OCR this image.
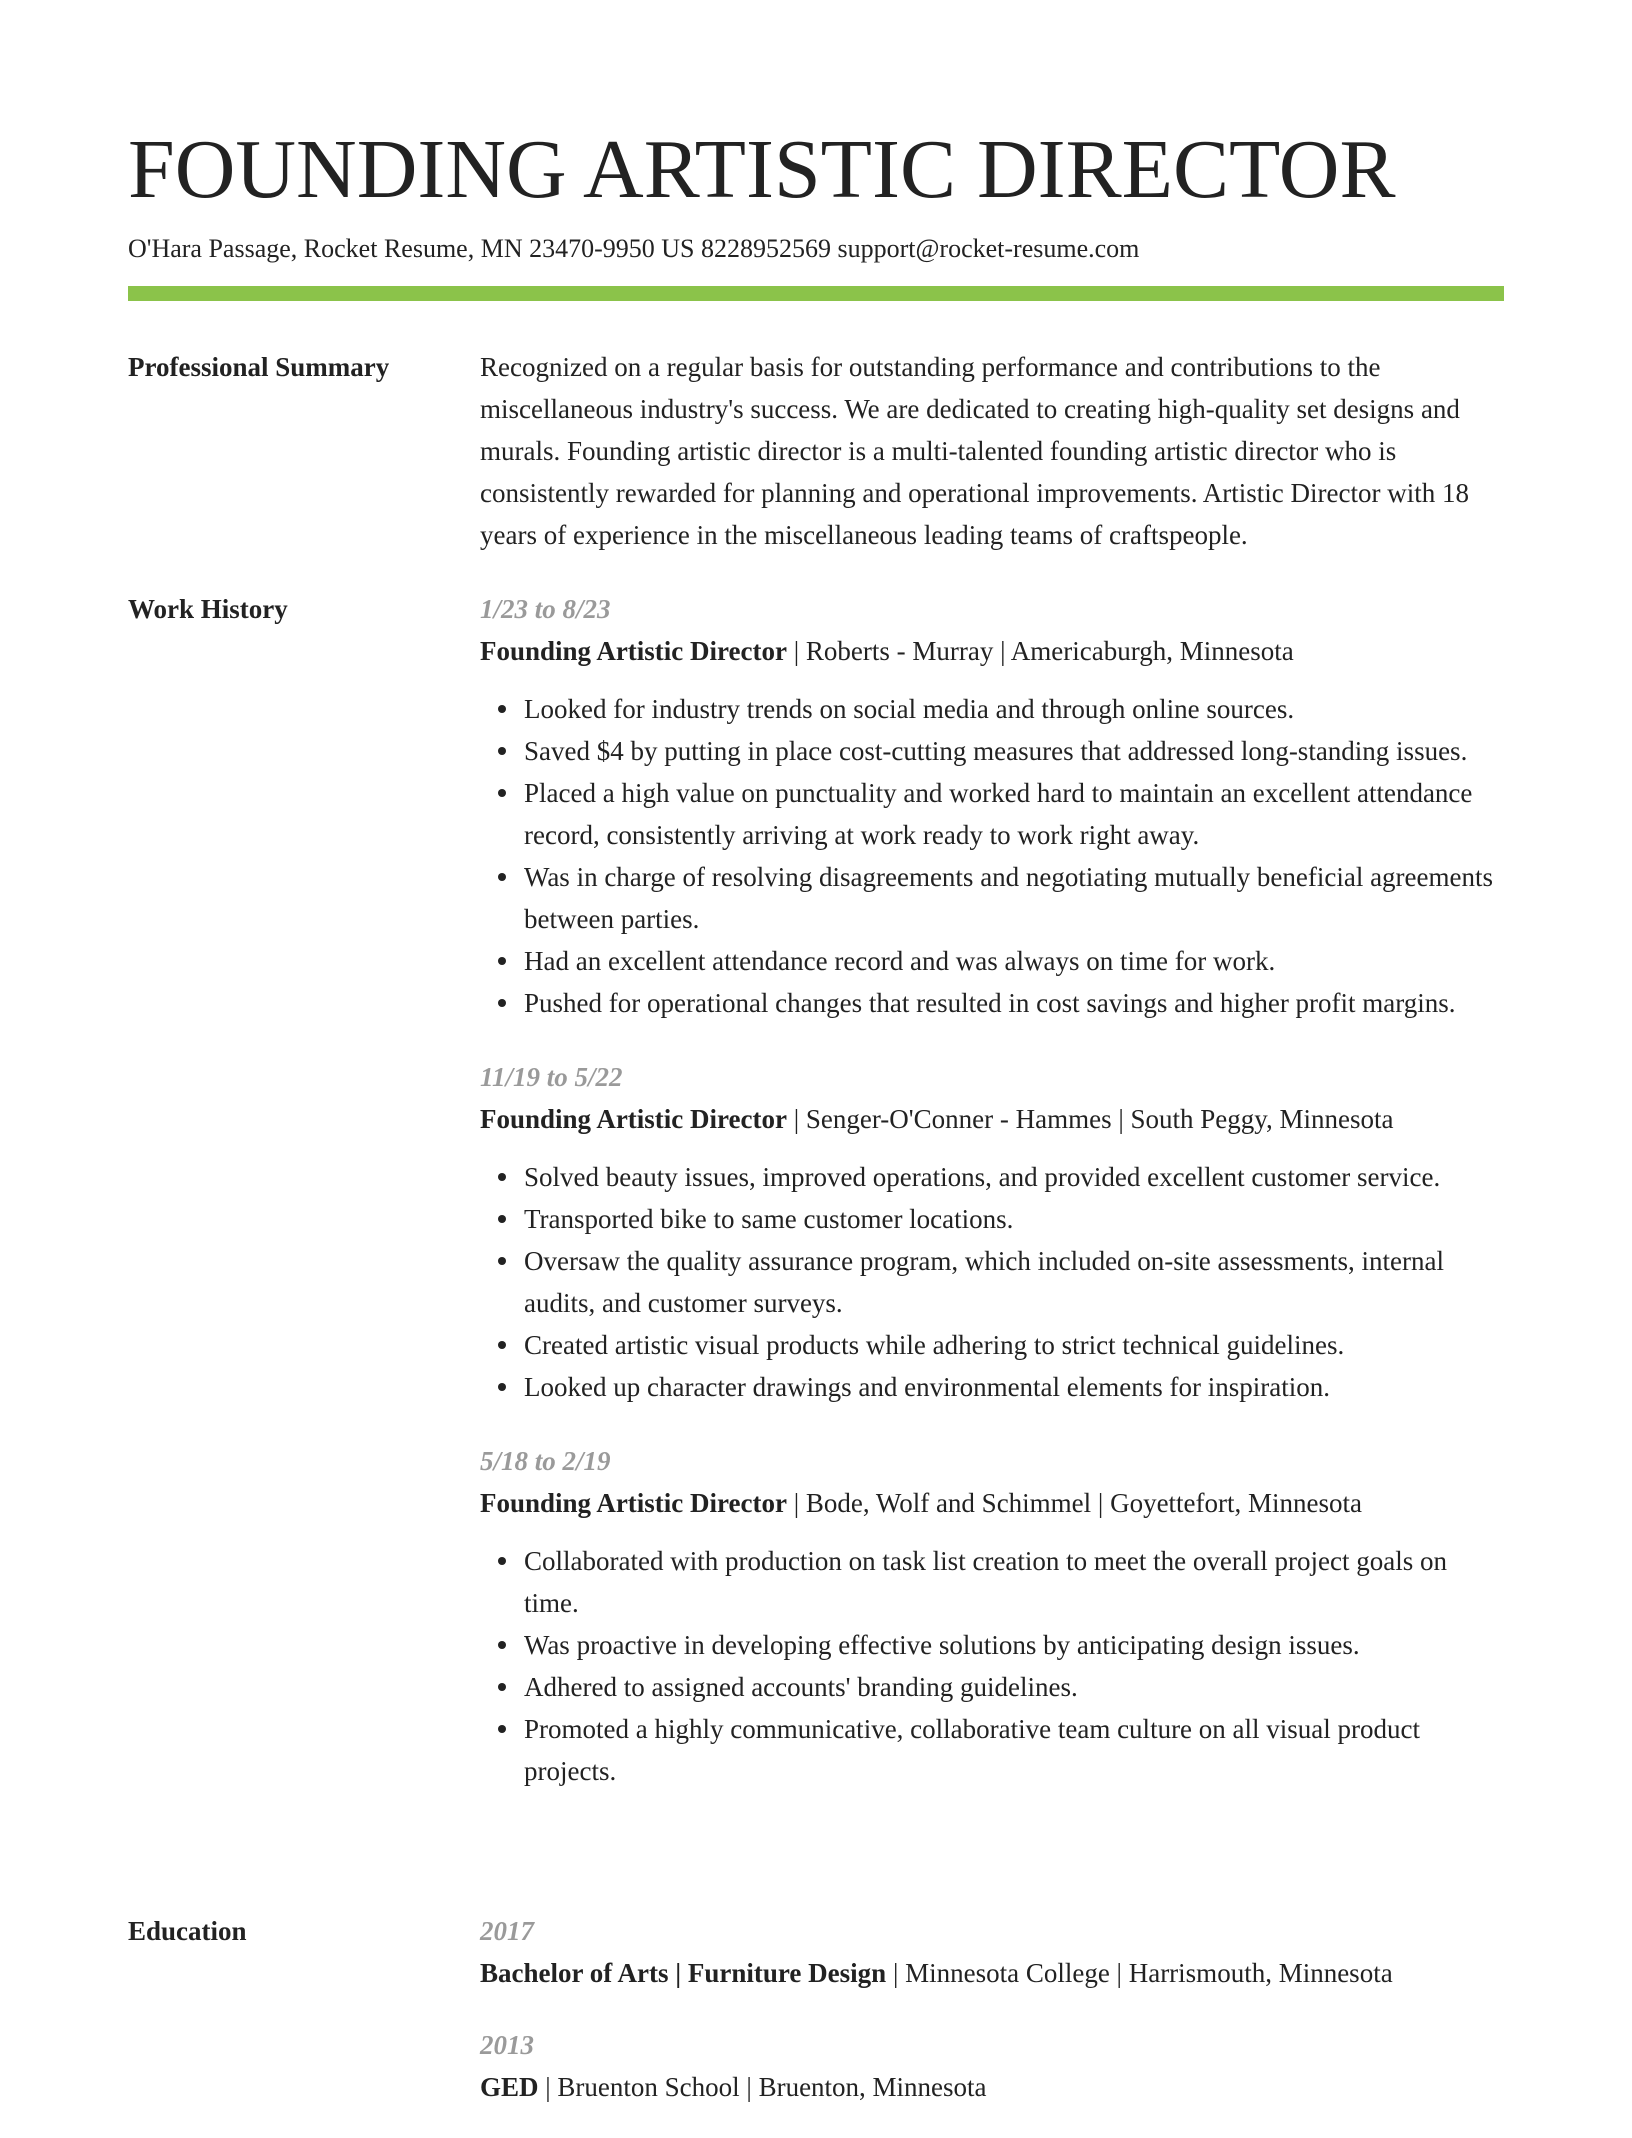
FOUNDING ARTISTIC DIRECTOR
O'Hara Passage, Rocket Resume, MN 23470-9950 US 8228952569 support@rocket-resume.com
Professional Summary	Recognized on a regular basis for outstanding performance and contributions to the miscellaneous industry's success. We are dedicated to creating high-quality set designs and murals. Founding artistic director is a multi-talented founding artistic director who is consistently rewarded for planning and operational improvements. Artistic Director with 18 years of experience in the miscellaneous leading teams of craftspeople.

Work History	1/23 to 8/23

Founding Artistic Director | Roberts - Murray | Americaburgh, Minnesota

Looked for industry trends on social media and through online sources.
Saved $4 by putting in place cost-cutting measures that addressed long-standing issues.
Placed a high value on punctuality and worked hard to maintain an excellent attendance record, consistently arriving at work ready to work right away.
Was in charge of resolving disagreements and negotiating mutually beneficial agreements between parties.
Had an excellent attendance record and was always on time for work.
Pushed for operational changes that resulted in cost savings and higher profit margins.

11/19 to 5/22

Founding Artistic Director | Senger-O'Conner - Hammes | South Peggy, Minnesota

Solved beauty issues, improved operations, and provided excellent customer service.
Transported bike to same customer locations.
Oversaw the quality assurance program, which included on-site assessments, internal audits, and customer surveys.
Created artistic visual products while adhering to strict technical guidelines.
Looked up character drawings and environmental elements for inspiration.

5/18 to 2/19

Founding Artistic Director | Bode, Wolf and Schimmel | Goyettefort, Minnesota

Collaborated with production on task list creation to meet the overall project goals on time.
Was proactive in developing effective solutions by anticipating design issues.
Adhered to assigned accounts' branding guidelines.
Promoted a highly communicative, collaborative team culture on all visual product projects.
Education	2017

Bachelor of Arts | Furniture Design | Minnesota College | Harrismouth, Minnesota

2013

GED | Bruenton School | Bruenton, Minnesota
